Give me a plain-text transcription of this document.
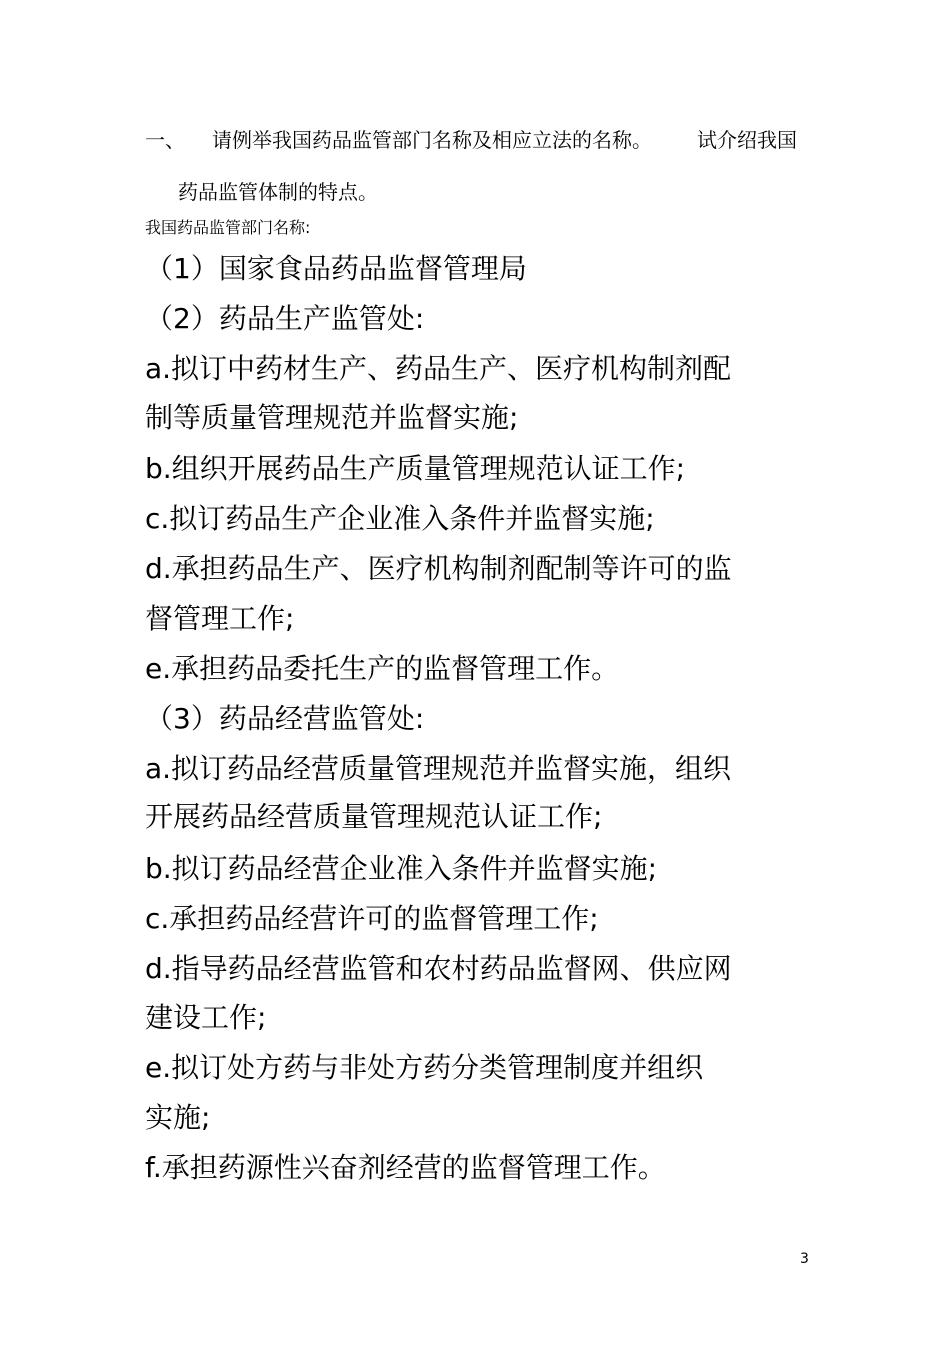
一、 请例举我国药品监管部门名称及相应立法的名称。 试介绍我国
药品监管体制的特点。
我国药品监管部门名称:
（1）国家食品药品监督管理局
（2）药品生产监管处:
a.拟订中药材生产、药品生产、医疗机构制剂配
制等质量管理规范并监督实施;
b.组织开展药品生产质量管理规范认证工作;
c.拟订药品生产企业准入条件并监督实施;
d.承担药品生产、医疗机构制剂配制等许可的监
督管理工作;
e.承担药品委托生产的监督管理工作。
（3）药品经营监管处:
a.拟订药品经营质量管理规范并监督实施，组织
开展药品经营质量管理规范认证工作;
b.拟订药品经营企业准入条件并监督实施;
c.承担药品经营许可的监督管理工作;
d.指导药品经营监管和农村药品监督网、供应网
建设工作;
e.拟订处方药与非处方药分类管理制度并组织
实施;
f.承担药源性兴奋剂经营的监督管理工作。
3
